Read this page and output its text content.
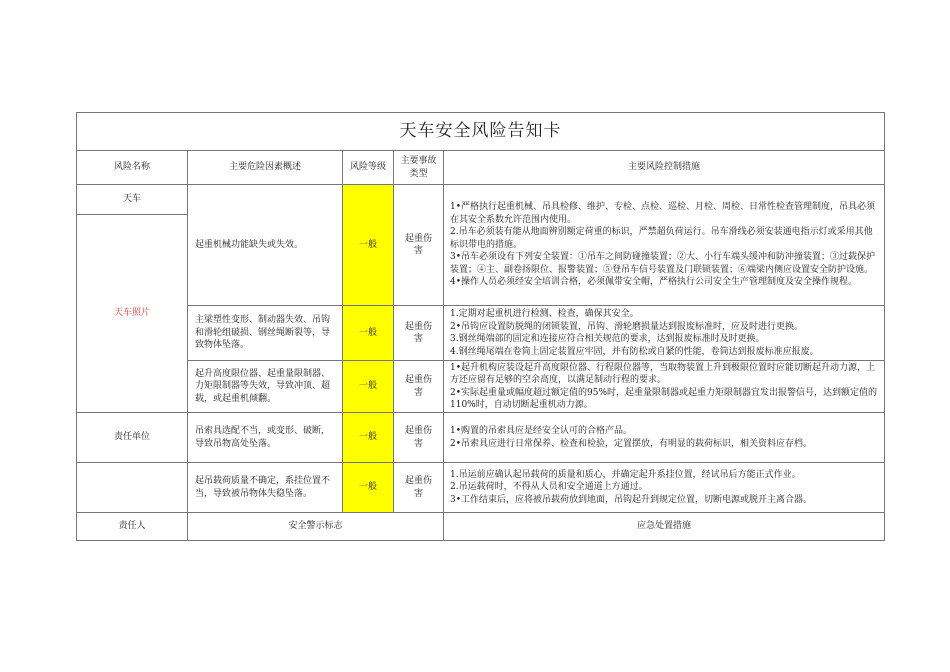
天车安全风险告知卡				
风险名称	主要危险因素概述	风险等级	主要事故类型	主要风险控制措施
天车	起重机械功能缺失或失效。	一般	起重伤害	1•严格执行起重机械、吊具检修、维护、专检、点检、巡检、月检、周检、日常性检查管理制度，吊具必须在其安全系数允许范围内使用。
2.吊车必须装有能从地面辨别额定荷重的标识，严禁超负荷运行。吊车滑线必须安装通电指示灯或采用其他标识带电的措施。
3•吊车必须设有下列安全装置：①吊车之间防碰撞装置；②大、小行车端头缓冲和防冲撞装置；③过载保护装置；④主、副卷扬限位、报警装置；⑤登吊车信号装置及门联锁装置；⑥端梁内侧应设置安全防护设施。
4•操作人员必须经安全培训合格，必须佩带安全帽，严格执行公司安全生产管理制度及安全操作规程。

天车照片				
	主梁塑性变形、制动器失效、吊钩和滑轮组破损、钢丝绳断裂等，导致物体坠落。	一般	起重伤害	1.定期对起重机进行检测、检查，确保其安全。
2•吊钩应设置防脱绳的闭锁装置，吊钩、滑轮磨损量达到报废标准时，应及时进行更换。
3.钢丝绳端部的固定和连接应符合相关规范的要求，达到报废标准时及时更换。
4.钢丝绳尾端在卷筒上固定装置应牢固，并有防松或自紧的性能，卷筒达到报废标准应报废。

	起升高度限位器、起重量限制器、力矩限制器等失效，导致冲顶、超载，或起重机倾翻。	一般	起重伤害	1•起升机构应装设起升高度限位器、行程限位器等，当取物装置上升到极限位置时应能切断起升动力源，上方还应留有足够的空余高度，以满足制动行程的要求。
2•实际起重量或幅度超过额定值的95%时，起重量限制器或起重力矩限制器宜发出报警信号，达到额定值的110%时，自动切断起重机动力源。

责任单位	吊索具选配不当，或变形、破断，导致吊物高处坠落。	一般	起重伤害	1•购置的吊索具应是经安全认可的合格产品。
2•吊索具应进行日常保养、检查和检验，定置摆放，有明显的载荷标识，相关资料应存档。

	起吊载荷质量不确定，系挂位置不当，导致被吊物体失稳坠落。	一般	起重伤害	1.吊运前应确认起吊载荷的质量和质心，并确定起升系挂位置，经试吊后方能正式作业。
2.吊运载荷时，不得从人员和安全通道上方通过。
3•工作结束后，应将被吊载荷放到地面，吊钩起升到规定位置，切断电源或脱开主离合器。

责任人	安全警示标志			应急处置措施
